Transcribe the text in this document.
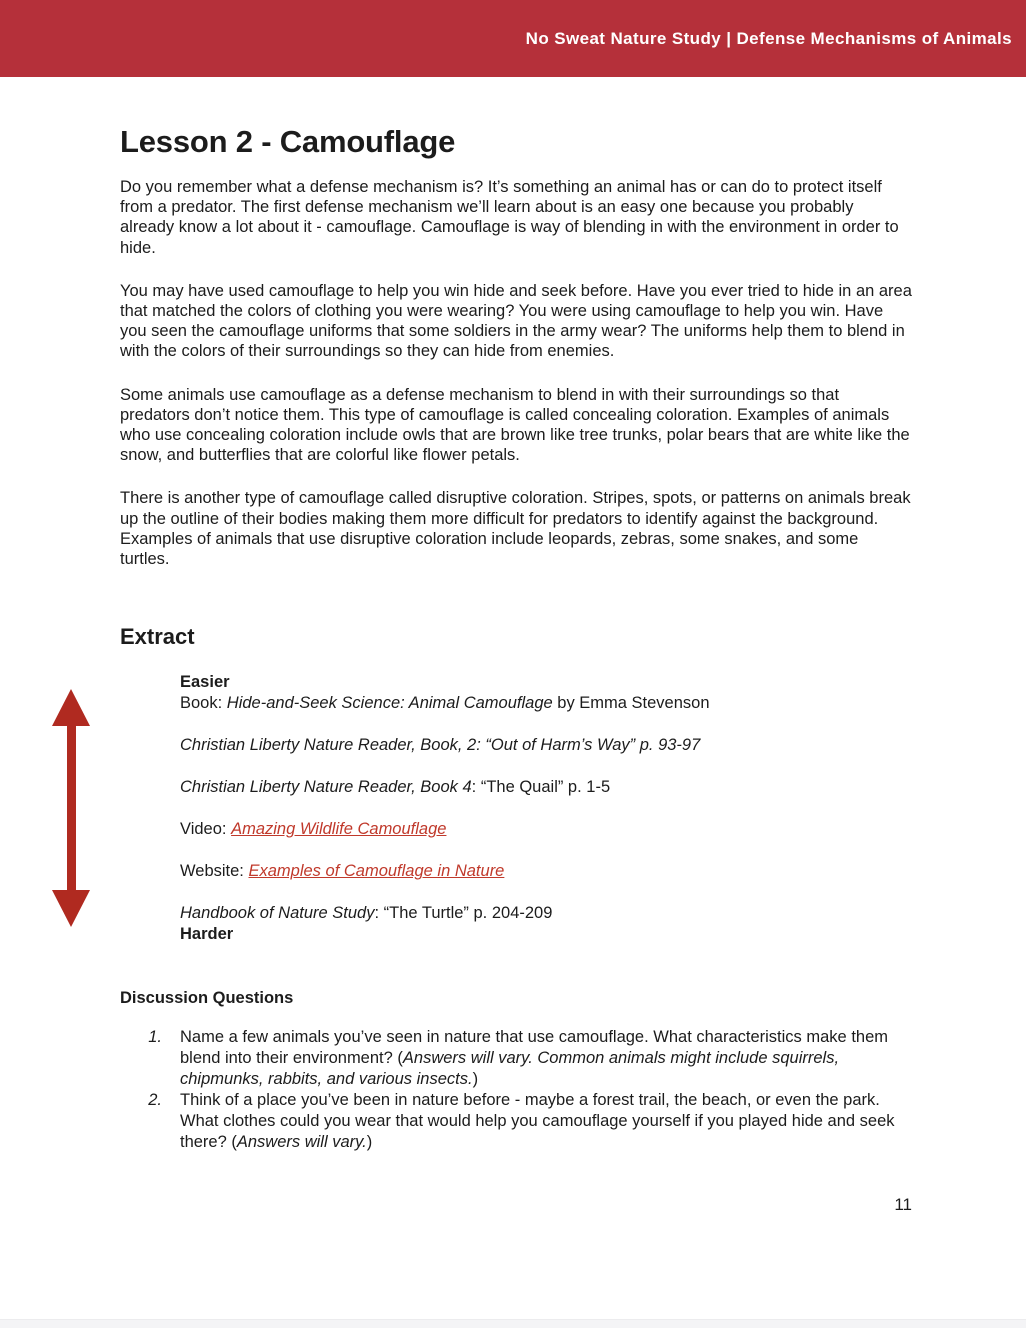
No Sweat Nature Study | Defense Mechanisms of Animals
Lesson 2 - Camouflage

Do you remember what a defense mechanism is? It’s something an animal has or can do to protect itself from a predator. The first defense mechanism we’ll learn about is an easy one because you probably already know a lot about it - camouflage. Camouflage is way of blending in with the environment in order to hide.

You may have used camouflage to help you win hide and seek before. Have you ever tried to hide in an area that matched the colors of clothing you were wearing? You were using camouflage to help you win. Have you seen the camouflage uniforms that some soldiers in the army wear? The uniforms help them to blend in with the colors of their surroundings so they can hide from enemies.

Some animals use camouflage as a defense mechanism to blend in with their surroundings so that predators don’t notice them. This type of camouflage is called concealing coloration. Examples of animals who use concealing coloration include owls that are brown like tree trunks, polar bears that are white like the snow, and butterflies that are colorful like flower petals.

There is another type of camouflage called disruptive coloration. Stripes, spots, or patterns on animals break up the outline of their bodies making them more difficult for predators to identify against the background. Examples of animals that use disruptive coloration include leopards, zebras, some snakes, and some turtles.

Extract
Easier
Book: Hide-and-Seek Science: Animal Camouflage by Emma Stevenson
Christian Liberty Nature Reader, Book, 2: “Out of Harm’s Way” p. 93-97
Christian Liberty Nature Reader, Book 4: “The Quail” p. 1-5
Video: Amazing Wildlife Camouflage
Website: Examples of Camouflage in Nature
Handbook of Nature Study: “The Turtle” p. 204-209
Harder
Discussion Questions
1. Name a few animals you’ve seen in nature that use camouflage. What characteristics make them blend into their environment? (Answers will vary. Common animals might include squirrels, chipmunks, rabbits, and various insects.)
2. Think of a place you’ve been in nature before - maybe a forest trail, the beach, or even the park. What clothes could you wear that would help you camouflage yourself if you played hide and seek there? (Answers will vary.)
11
